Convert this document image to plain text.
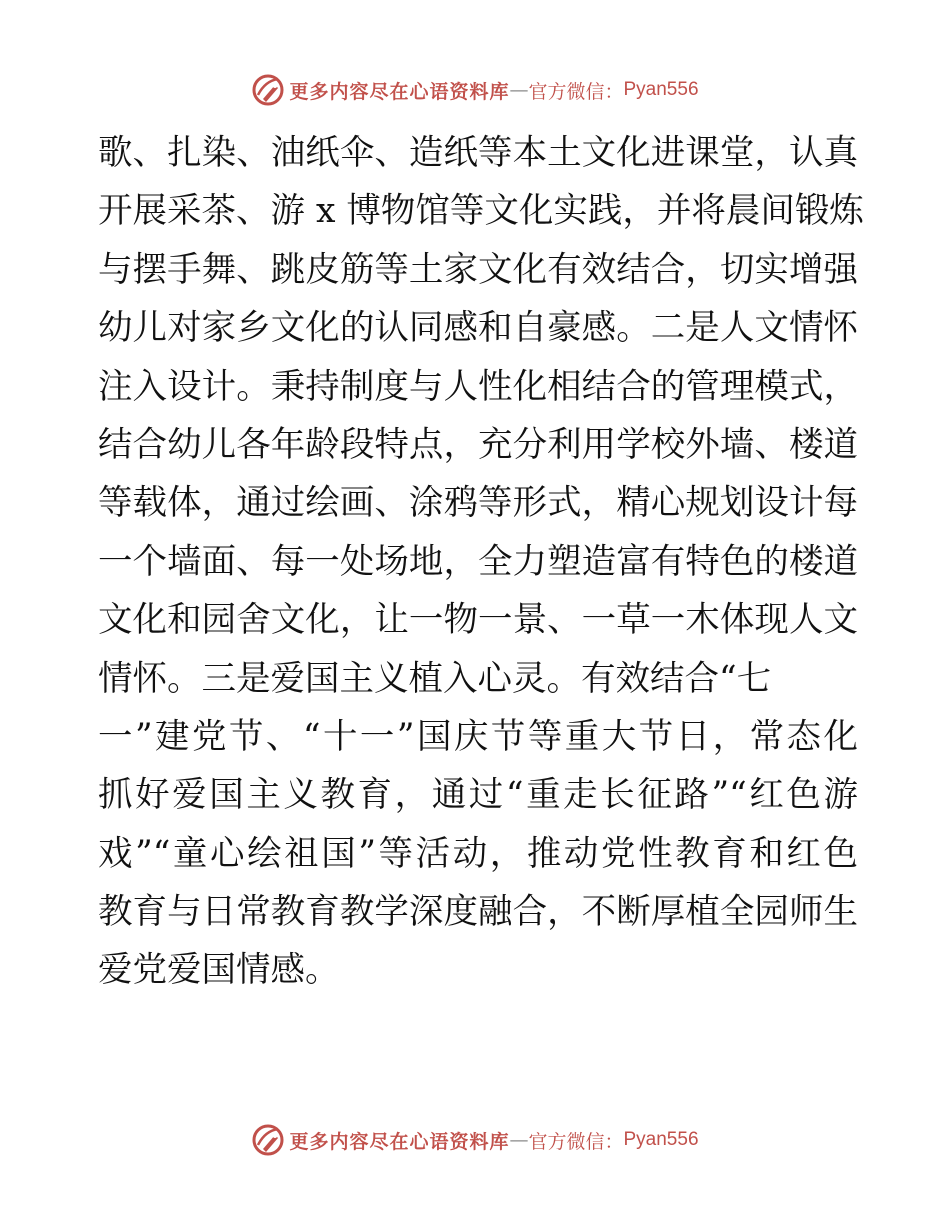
更多内容尽在心语资料库 — 官方微信： Pyan556
歌、扎染、油纸伞、造纸等本土文化进课堂，认真
开展采茶、游 x 博物馆等文化实践，并将晨间锻炼
与摆手舞、跳皮筋等土家文化有效结合，切实增强
幼儿对家乡文化的认同感和自豪感。二是人文情怀
注入设计。秉持制度与人性化相结合的管理模式，
结合幼儿各年龄段特点，充分利用学校外墙、楼道
等载体，通过绘画、涂鸦等形式，精心规划设计每
一个墙面、每一处场地，全力塑造富有特色的楼道
文化和园舍文化，让一物一景、一草一木体现人文
情怀。三是爱国主义植入心灵。有效结合“七
一”建党节、“十一”国庆节等重大节日，常态化
抓好爱国主义教育，通过“重走长征路”“红色游
戏”“童心绘祖国”等活动，推动党性教育和红色
教育与日常教育教学深度融合，不断厚植全园师生
爱党爱国情感。
更多内容尽在心语资料库 — 官方微信： Pyan556
